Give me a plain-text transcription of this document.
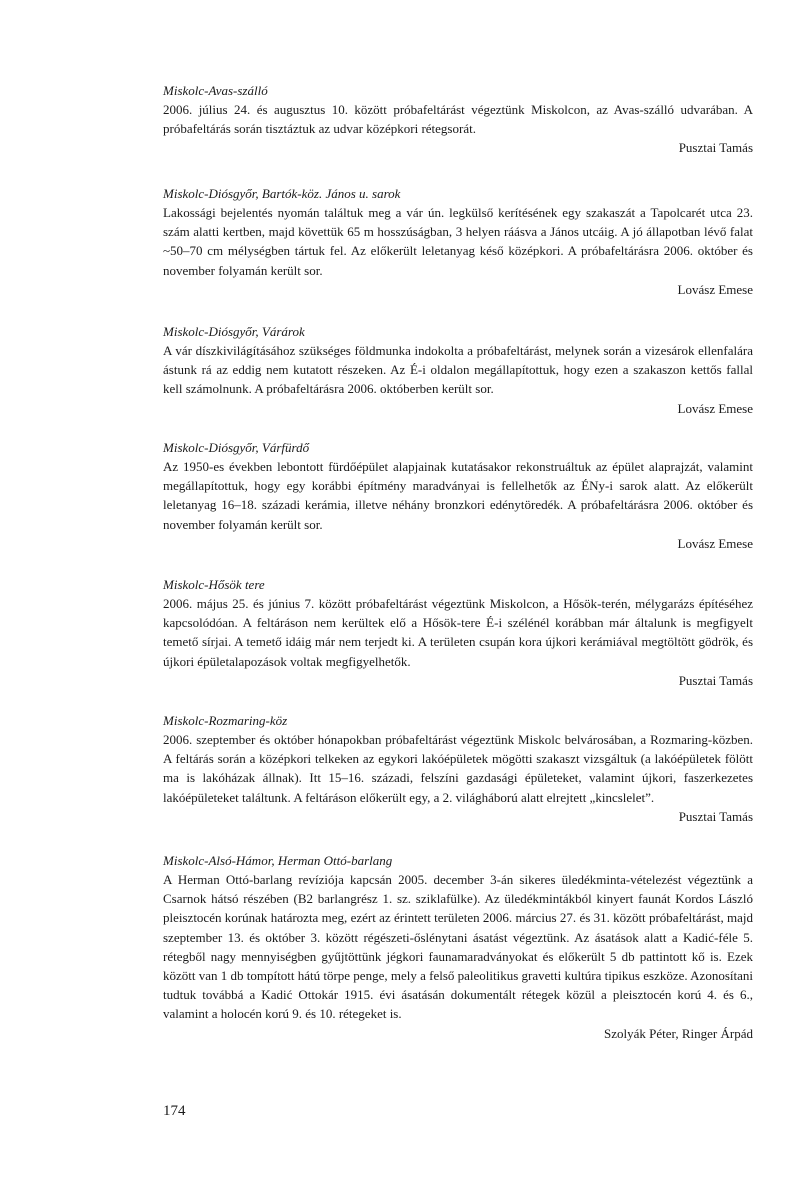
Miskolc-Avas-szálló

2006. július 24. és augusztus 10. között próbafeltárást végeztünk Miskolcon, az Avas-szálló udvarában. A próbafeltárás során tisztáztuk az udvar középkori rétegsorát.

Pusztai Tamás

Miskolc-Diósgyőr, Bartók-köz. János u. sarok

Lakossági bejelentés nyomán találtuk meg a vár ún. legkülső kerítésének egy szakaszát a Tapolcarét utca 23. szám alatti kertben, majd követtük 65 m hosszúságban, 3 helyen ráásva a János utcáig. A jó állapotban lévő falat ~50–70 cm mélységben tártuk fel. Az előkerült leletanyag késő középkori. A próbafeltárásra 2006. október és november folyamán került sor.

Lovász Emese

Miskolc-Diósgyőr, Várárok

A vár díszkivilágításához szükséges földmunka indokolta a próbafeltárást, melynek során a vizesárok ellenfalára ástunk rá az eddig nem kutatott részeken. Az É-i oldalon megállapítottuk, hogy ezen a szakaszon kettős fallal kell számolnunk. A próbafeltárásra 2006. októberben került sor.

Lovász Emese

Miskolc-Diósgyőr, Várfürdő

Az 1950-es években lebontott fürdőépület alapjainak kutatásakor rekonstruáltuk az épület alaprajzát, valamint megállapítottuk, hogy egy korábbi építmény maradványai is fellelhetők az ÉNy-i sarok alatt. Az előkerült leletanyag 16–18. századi kerámia, illetve néhány bronzkori edénytöredék. A próbafeltárásra 2006. október és november folyamán került sor.

Lovász Emese

Miskolc-Hősök tere

2006. május 25. és június 7. között próbafeltárást végeztünk Miskolcon, a Hősök-terén, mélygarázs építéséhez kapcsolódóan. A feltáráson nem kerültek elő a Hősök-tere É-i szélénél korábban már általunk is megfigyelt temető sírjai. A temető idáig már nem terjedt ki. A területen csupán kora újkori kerámiával megtöltött gödrök, és újkori épületalapozások voltak megfigyelhetők.

Pusztai Tamás

Miskolc-Rozmaring-köz

2006. szeptember és október hónapokban próbafeltárást végeztünk Miskolc belvárosában, a Rozmaring-közben. A feltárás során a középkori telkeken az egykori lakóépületek mögötti szakaszt vizsgáltuk (a lakóépületek fölött ma is lakóházak állnak). Itt 15–16. századi, felszíni gazdasági épületeket, valamint újkori, faszerkezetes lakóépületeket találtunk. A feltáráson előkerült egy, a 2. világháború alatt elrejtett „kincslelet”.

Pusztai Tamás

Miskolc-Alsó-Hámor, Herman Ottó-barlang

A Herman Ottó-barlang revíziója kapcsán 2005. december 3-án sikeres üledékminta-vételezést végeztünk a Csarnok hátsó részében (B2 barlangrész 1. sz. sziklafülke). Az üledékmintákból kinyert faunát Kordos László pleisztocén korúnak határozta meg, ezért az érintett területen 2006. március 27. és 31. között próbafeltárást, majd szeptember 13. és október 3. között régészeti-őslénytani ásatást végeztünk. Az ásatások alatt a Kadić-féle 5. rétegből nagy mennyiségben gyűjtöttünk jégkori faunamaradványokat és előkerült 5 db pattintott kő is. Ezek között van 1 db tompított hátú törpe penge, mely a felső paleolitikus gravetti kultúra tipikus eszköze. Azonosítani tudtuk továbbá a Kadić Ottokár 1915. évi ásatásán dokumentált rétegek közül a pleisztocén korú 4. és 6., valamint a holocén korú 9. és 10. rétegeket is.

Szolyák Péter, Ringer Árpád

174
